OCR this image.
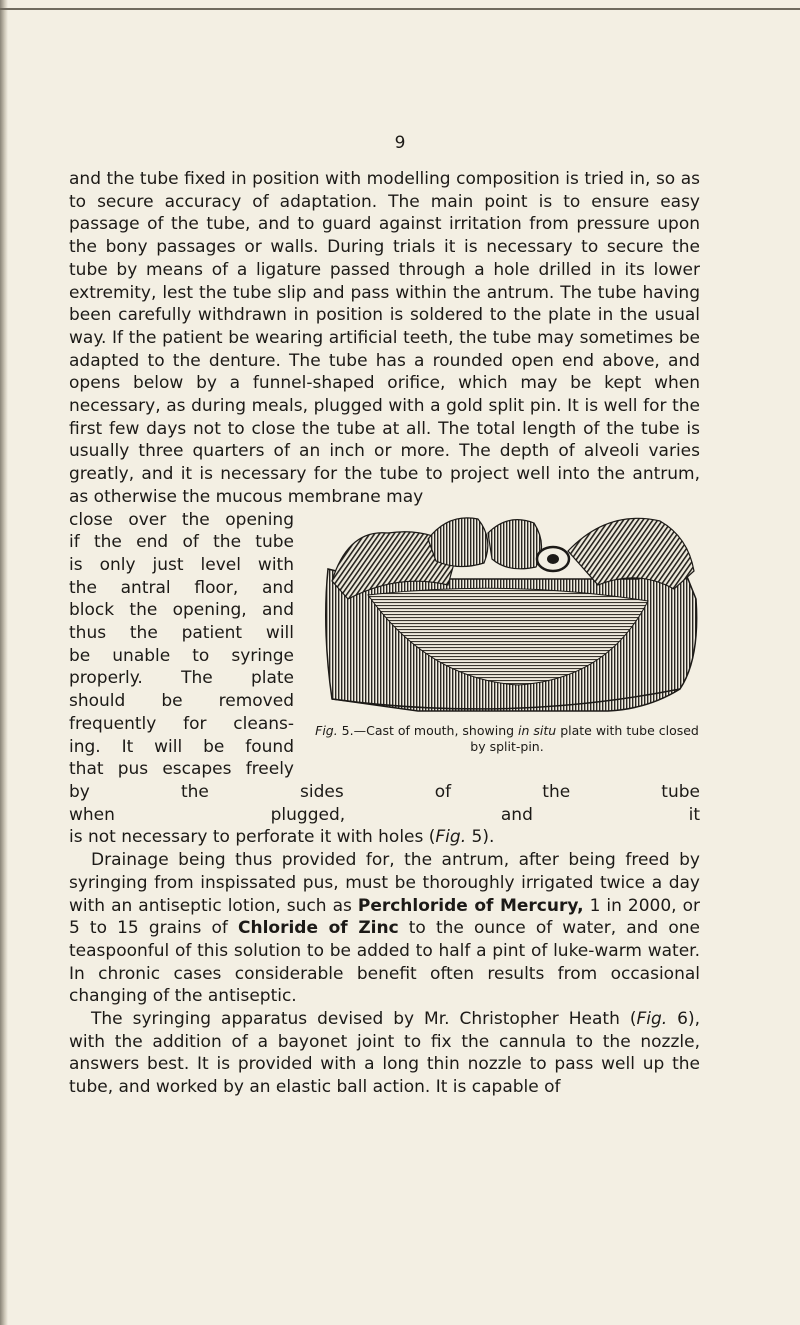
9

and the tube fixed in position with modelling composition is tried in, so as to secure accuracy of adaptation. The main point is to ensure easy passage of the tube, and to guard against irritation from pressure upon the bony passages or walls. During trials it is necessary to secure the tube by means of a ligature passed through a hole drilled in its lower extremity, lest the tube slip and pass within the antrum. The tube having been carefully withdrawn in position is soldered to the plate in the usual way. If the patient be wearing artificial teeth, the tube may sometimes be adapted to the denture. The tube has a rounded open end above, and opens below by a funnel-shaped orifice, which may be kept when necessary, as during meals, plugged with a gold split pin. It is well for the first few days not to close the tube at all. The total length of the tube is usually three quarters of an inch or more. The depth of alveoli varies greatly, and it is necessary for the tube to project well into the antrum, as otherwise the mucous membrane may

Fig. 5.—Cast of mouth, showing in situ plate with tube closed by split-pin.
close over the opening
if the end of the tube
is only just level with
the antral floor, and
block the opening, and
thus the patient will
be unable to syringe
properly. The plate
should be removed
frequently for cleans-
ing. It will be found
that pus escapes freely
by the sides of the tube
when plugged, and it

is not necessary to perforate it with holes (Fig. 5).

Drainage being thus provided for, the antrum, after being freed by syringing from inspissated pus, must be thoroughly irrigated twice a day with an antiseptic lotion, such as Perchloride of Mercury, 1 in 2000, or 5 to 15 grains of Chloride of Zinc to the ounce of water, and one teaspoonful of this solution to be added to half a pint of luke-warm water. In chronic cases considerable benefit often results from occasional changing of the antiseptic.

The syringing apparatus devised by Mr. Christopher Heath (Fig. 6), with the addition of a bayonet joint to fix the cannula to the nozzle, answers best. It is provided with a long thin nozzle to pass well up the tube, and worked by an elastic ball action. It is capable of
